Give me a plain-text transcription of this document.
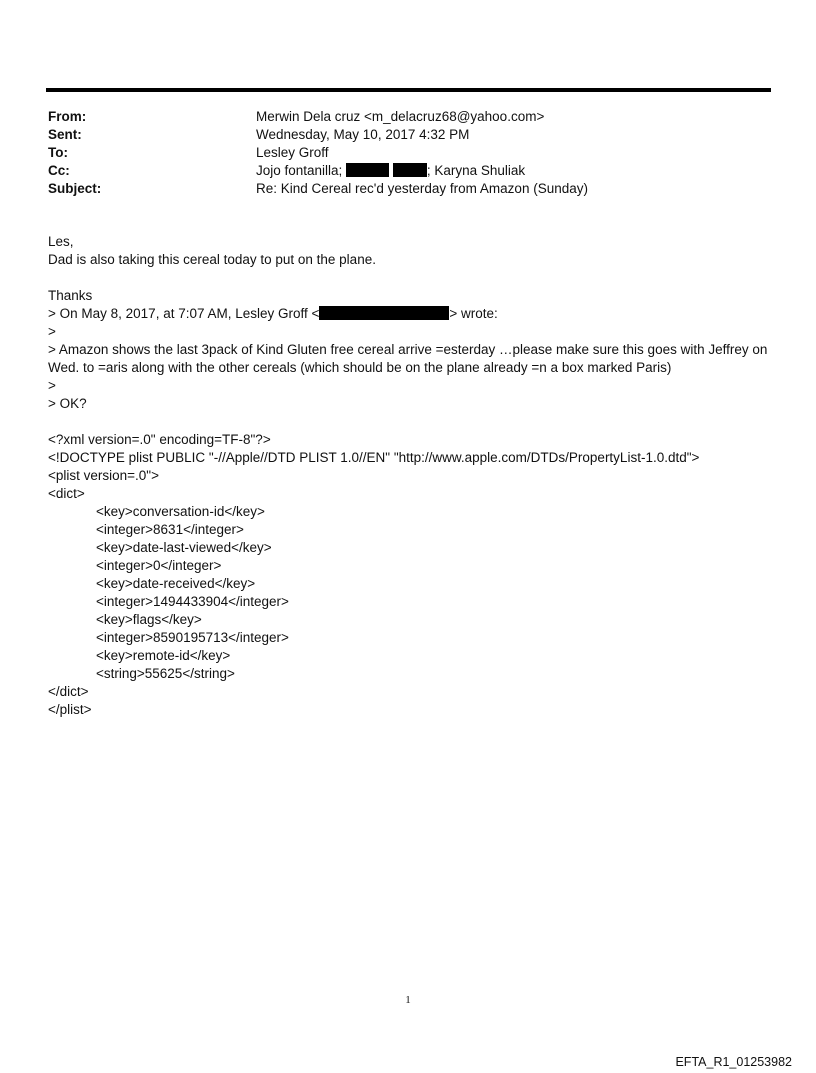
From:	Merwin Dela cruz <m_delacruz68@yahoo.com>
Sent:	Wednesday, May 10, 2017 4:32 PM
To:	Lesley Groff
Cc:	Jojo fontanilla;	; Karyna Shuliak
Subject:	Re: Kind Cereal rec'd yesterday from Amazon (Sunday)
Les,
Dad is also taking this cereal today to put on the plane.
Thanks
> On May 8, 2017, at 7:07 AM, Lesley Groff <	> wrote:
>
> Amazon shows the last 3pack of Kind Gluten free cereal arrive =esterday …please make sure this goes with Jeffrey on Wed. to =aris along with the other cereals (which should be on the plane already =n a box marked Paris)
>
> OK?
<?xml version=.0" encoding=TF-8"?>
<!DOCTYPE plist PUBLIC "-//Apple//DTD PLIST 1.0//EN" "http://www.apple.com/DTDs/PropertyList-1.0.dtd">
<plist version=.0">
<dict>
<key>conversation-id</key>
<integer>8631</integer>
<key>date-last-viewed</key>
<integer>0</integer>
<key>date-received</key>
<integer>1494433904</integer>
<key>flags</key>
<integer>8590195713</integer>
<key>remote-id</key>
<string>55625</string>
</dict>
</plist>
1
EFTA_R1_01253982
